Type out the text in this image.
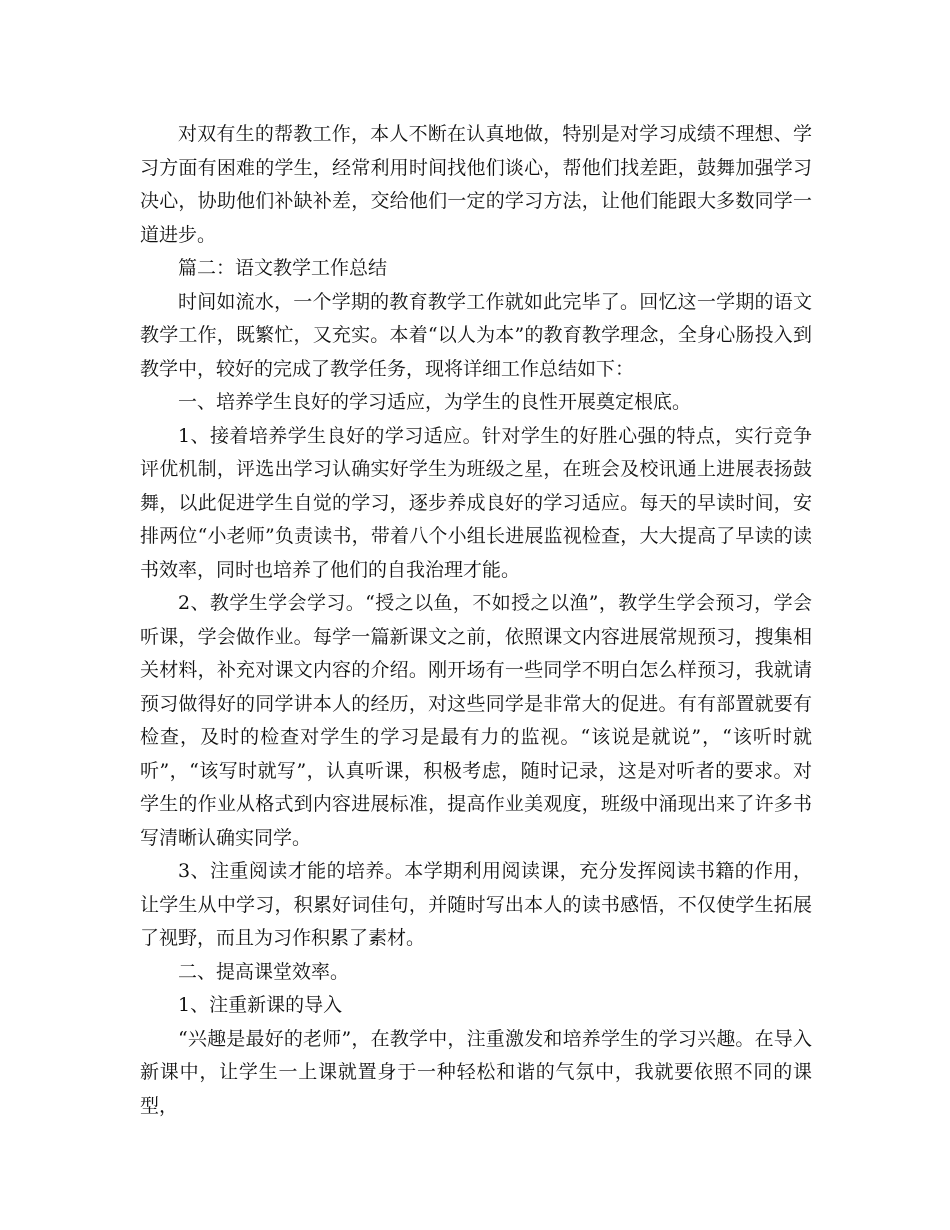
对双有生的帮教工作，本人不断在认真地做，特别是对学习成绩不理想、学习方面有困难的学生，经常利用时间找他们谈心，帮他们找差距，鼓舞加强学习决心，协助他们补缺补差，交给他们一定的学习方法，让他们能跟大多数同学一道进步。

篇二：语文教学工作总结

时间如流水，一个学期的教育教学工作就如此完毕了。回忆这一学期的语文教学工作，既繁忙，又充实。本着“以人为本”的教育教学理念，全身心肠投入到教学中，较好的完成了教学任务，现将详细工作总结如下：

一、培养学生良好的学习适应，为学生的良性开展奠定根底。

1、接着培养学生良好的学习适应。针对学生的好胜心强的特点，实行竞争评优机制，评选出学习认确实好学生为班级之星，在班会及校讯通上进展表扬鼓舞，以此促进学生自觉的学习，逐步养成良好的学习适应。每天的早读时间，安排两位“小老师”负责读书，带着八个小组长进展监视检查，大大提高了早读的读书效率，同时也培养了他们的自我治理才能。

2、教学生学会学习。“授之以鱼，不如授之以渔”，教学生学会预习，学会听课，学会做作业。每学一篇新课文之前，依照课文内容进展常规预习，搜集相关材料，补充对课文内容的介绍。刚开场有一些同学不明白怎么样预习，我就请预习做得好的同学讲本人的经历，对这些同学是非常大的促进。有有部置就要有检查，及时的检查对学生的学习是最有力的监视。“该说是就说”，“该听时就听”，“该写时就写”，认真听课，积极考虑，随时记录，这是对听者的要求。对学生的作业从格式到内容进展标准，提高作业美观度，班级中涌现出来了许多书写清晰认确实同学。

3、注重阅读才能的培养。本学期利用阅读课，充分发挥阅读书籍的作用，让学生从中学习，积累好词佳句，并随时写出本人的读书感悟，不仅使学生拓展了视野，而且为习作积累了素材。

二、提高课堂效率。

1、注重新课的导入

“兴趣是最好的老师”，在教学中，注重激发和培养学生的学习兴趣。在导入新课中，让学生一上课就置身于一种轻松和谐的气氛中，我就要依照不同的课型，
